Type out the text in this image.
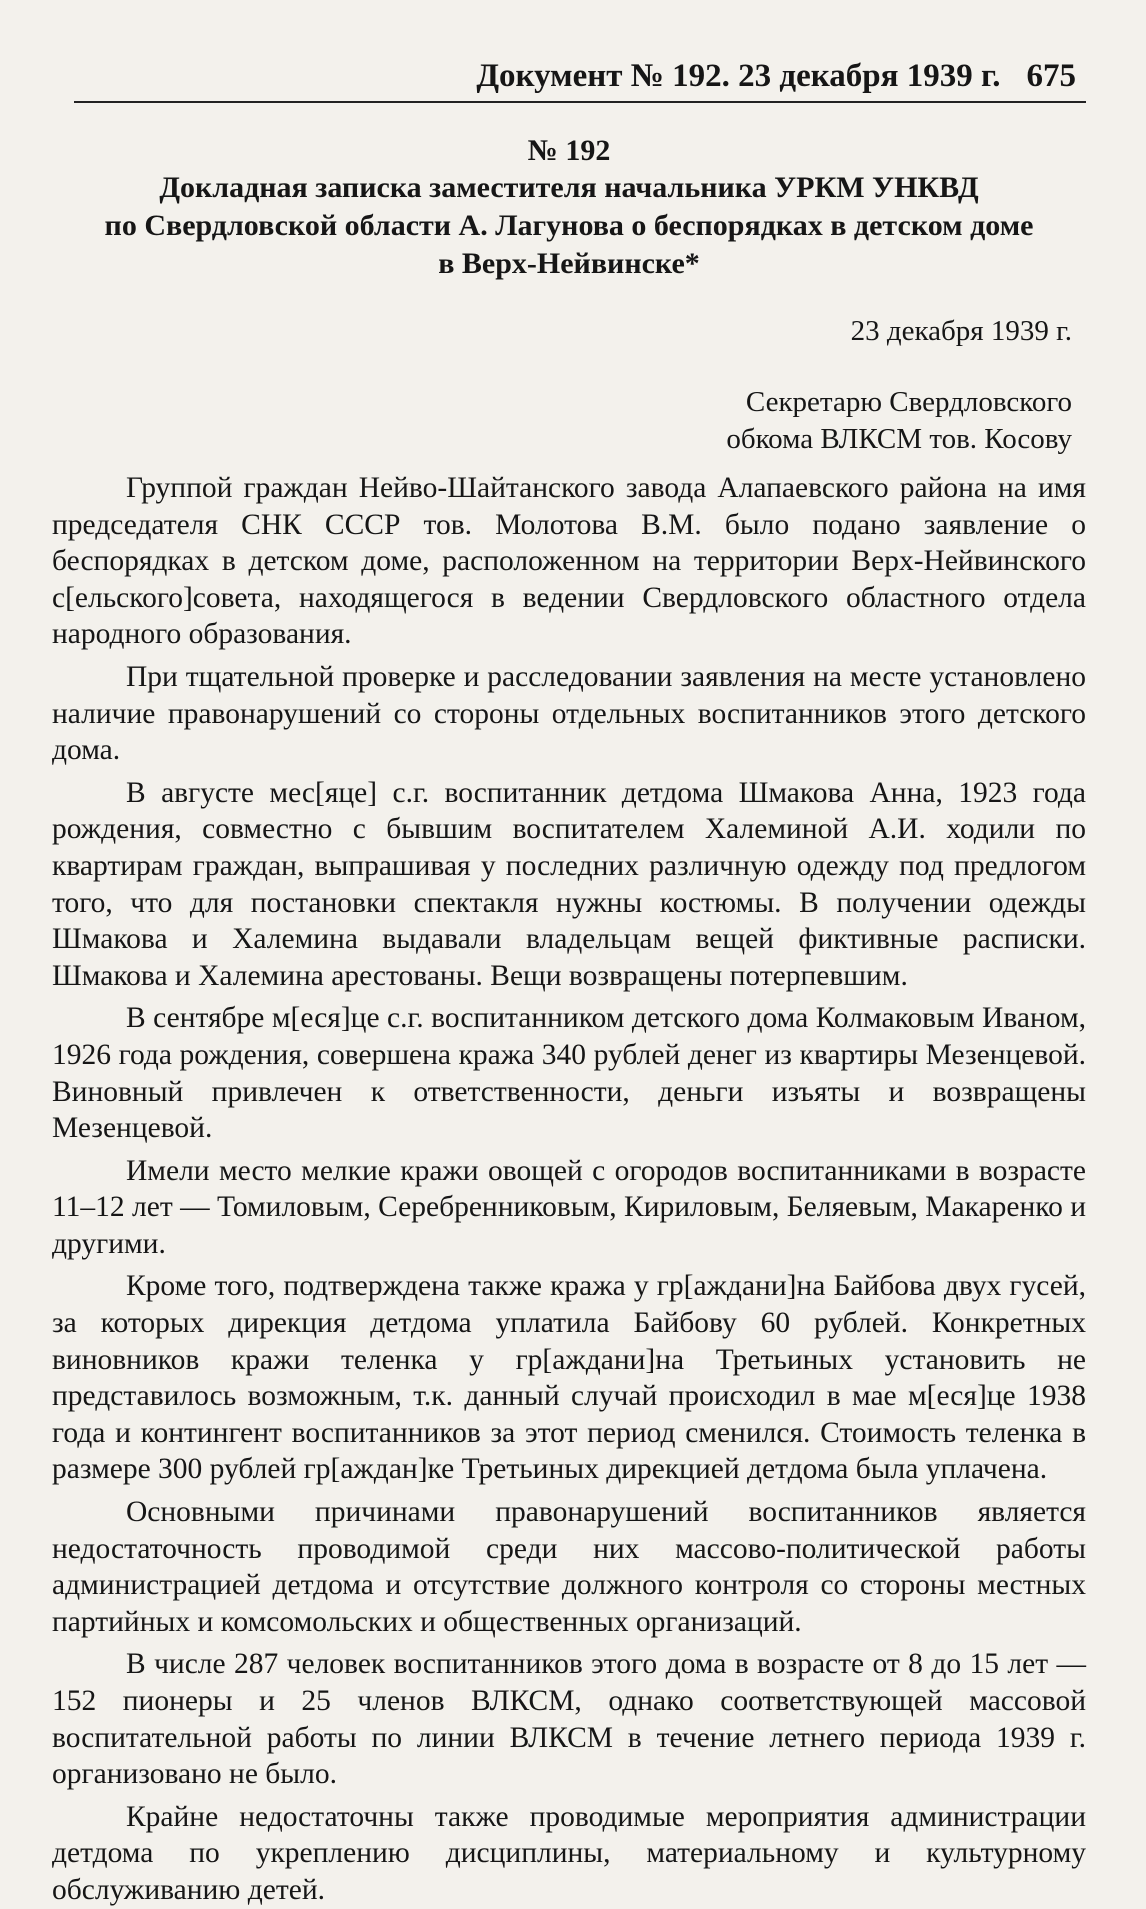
Документ № 192. 23 декабря 1939 г. 675
№ 192
Докладная записка заместителя начальника УРКМ УНКВД
по Свердловской области А. Лагунова о беспорядках в детском доме
в Верх-Нейвинске*
23 декабря 1939 г.
Секретарю Свердловского
обкома ВЛКСМ тов. Косову

Группой граждан Нейво-Шайтанского завода Алапаевского района на имя председателя СНК СССР тов. Молотова В.М. было подано заявление о беспорядках в детском доме, расположенном на территории Верх-Нейвинского с[ельского]совета, находящегося в ведении Свердловского областного отдела народного образования.

При тщательной проверке и расследовании заявления на месте установлено наличие правонарушений со стороны отдельных воспитанников этого детского дома.

В августе мес[яце] с.г. воспитанник детдома Шмакова Анна, 1923 года рождения, совместно с бывшим воспитателем Халеминой А.И. ходили по квартирам граждан, выпрашивая у последних различную одежду под предлогом того, что для постановки спектакля нужны костюмы. В получении одежды Шмакова и Халемина выдавали владельцам вещей фиктивные расписки. Шмакова и Халемина арестованы. Вещи возвращены потерпевшим.

В сентябре м[еся]це с.г. воспитанником детского дома Колмаковым Иваном, 1926 года рождения, совершена кража 340 рублей денег из квартиры Мезенцевой. Виновный привлечен к ответственности, деньги изъяты и возвращены Мезенцевой.

Имели место мелкие кражи овощей с огородов воспитанниками в возрасте 11–12 лет — Томиловым, Серебренниковым, Кириловым, Беляевым, Макаренко и другими.

Кроме того, подтверждена также кража у гр[аждани]на Байбова двух гусей, за которых дирекция детдома уплатила Байбову 60 рублей. Конкретных виновников кражи теленка у гр[аждани]на Третьиных установить не представилось возможным, т.к. данный случай происходил в мае м[еся]це 1938 года и контингент воспитанников за этот период сменился. Стоимость теленка в размере 300 рублей гр[аждан]ке Третьиных дирекцией детдома была уплачена.

Основными причинами правонарушений воспитанников является недостаточность проводимой среди них массово-политической работы администрацией детдома и отсутствие должного контроля со стороны местных партийных и комсомольских и общественных организаций.

В числе 287 человек воспитанников этого дома в возрасте от 8 до 15 лет — 152 пионеры и 25 членов ВЛКСМ, однако соответствующей массовой воспитательной работы по линии ВЛКСМ в течение летнего периода 1939 г. организовано не было.

Крайне недостаточны также проводимые мероприятия администрации детдома по укреплению дисциплины, материальному и культурному обслуживанию детей.
